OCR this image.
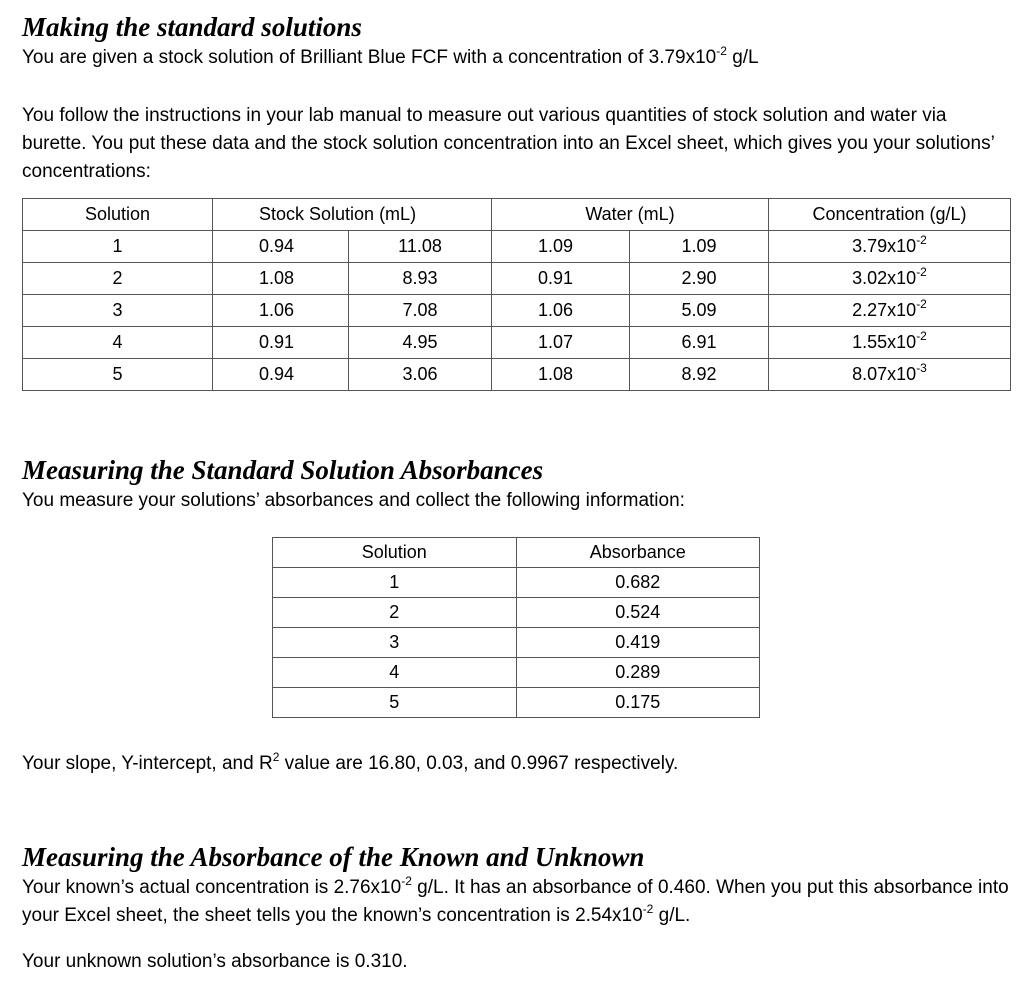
Making the standard solutions

You are given a stock solution of Brilliant Blue FCF with a concentration of $3.79x10^{-2}$ g/L

You follow the instructions in your lab manual to measure out various quantities of stock solution and water via burette. You put these data and the stock solution concentration into an Excel sheet, which gives you your solutions’ concentrations:

Solution	Stock Solution (mL)		Water (mL)		Concentration (g/L)
1	0.94	11.08	1.09	1.09	$3.79x10^{-2}$
2	1.08	8.93	0.91	2.90	$3.02x10^{-2}$
3	1.06	7.08	1.06	5.09	$2.27x10^{-2}$
4	0.91	4.95	1.07	6.91	$1.55x10^{-2}$
5	0.94	3.06	1.08	8.92	$8.07x10^{-3}$
Measuring the Standard Solution Absorbances

You measure your solutions’ absorbances and collect the following information:

Solution	Absorbance
1	0.682
2	0.524
3	0.419
4	0.289
5	0.175

Your slope, Y-intercept, and $R^2$ value are 16.80, 0.03, and 0.9967 respectively.

Measuring the Absorbance of the Known and Unknown

Your known’s actual concentration is $2.76x10^{-2}$ g/L. It has an absorbance of 0.460. When you put this absorbance into your Excel sheet, the sheet tells you the known’s concentration is $2.54x10^{-2}$ g/L.

Your unknown solution’s absorbance is 0.310.
